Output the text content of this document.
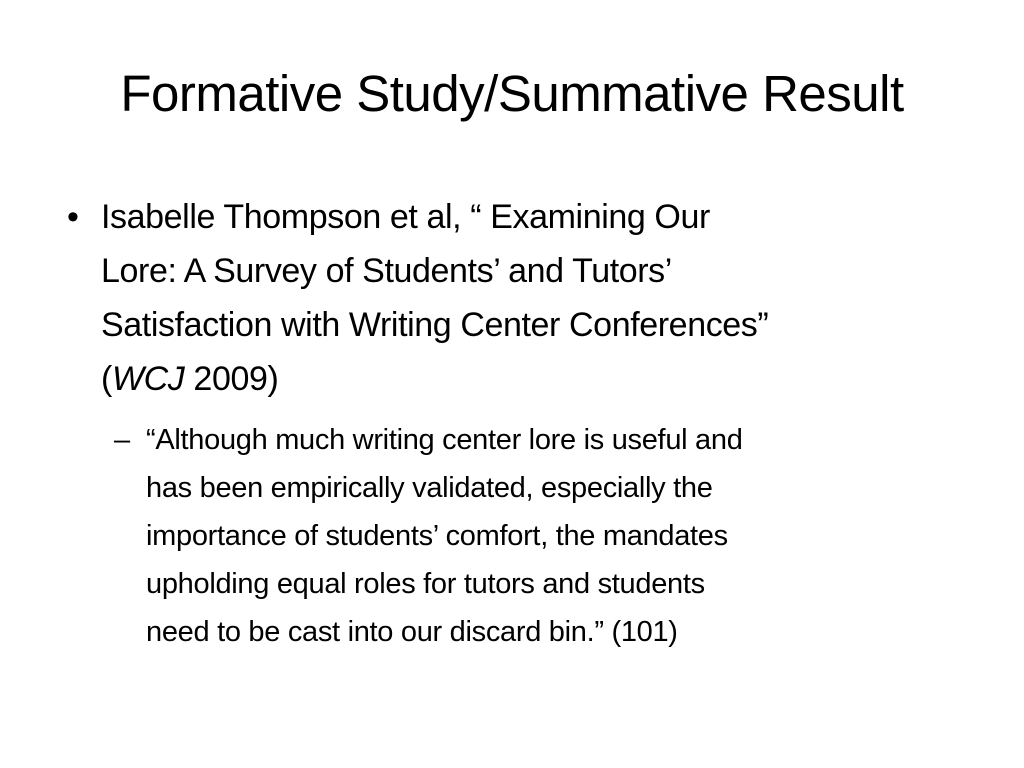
Formative Study/Summative Result
• Isabelle Thompson et al, “ Examining Our
Lore: A Survey of Students’ and Tutors’
Satisfaction with Writing Center Conferences”
(WCJ 2009)
– “Although much writing center lore is useful and
has been empirically validated, especially the
importance of students’ comfort, the mandates
upholding equal roles for tutors and students
need to be cast into our discard bin.” (101)
